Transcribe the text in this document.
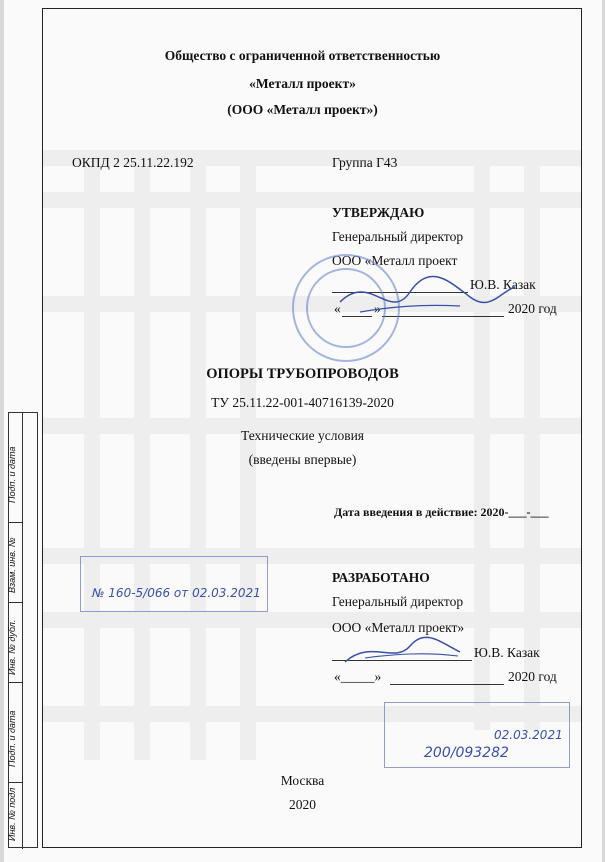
Общество с ограниченной ответственностью
«Металл проект»
(ООО «Металл проект»)
ОКПД 2 25.11.22.192	Группа Г43
УТВЕРЖДАЮ
Генеральный директор
ООО «Металл проект
Ю.В. Казак
« »	2020 год
ОПОРЫ ТРУБОПРОВОДОВ
ТУ 25.11.22-001-40716139-2020
Технические условия
(введены впервые)
Дата введения в действие: 2020-___-___
№ 160-5/066 от 02.03.2021
РАЗРАБОТАНО
Генеральный директор
ООО «Металл проект»
Ю.В. Казак
«_____»	2020 год
02.03.2021
200/093282
Москва
2020
Подп. и дата
Взам. инв. №
Инв. № дубл.
Подп. и дата
Инв. № подл
